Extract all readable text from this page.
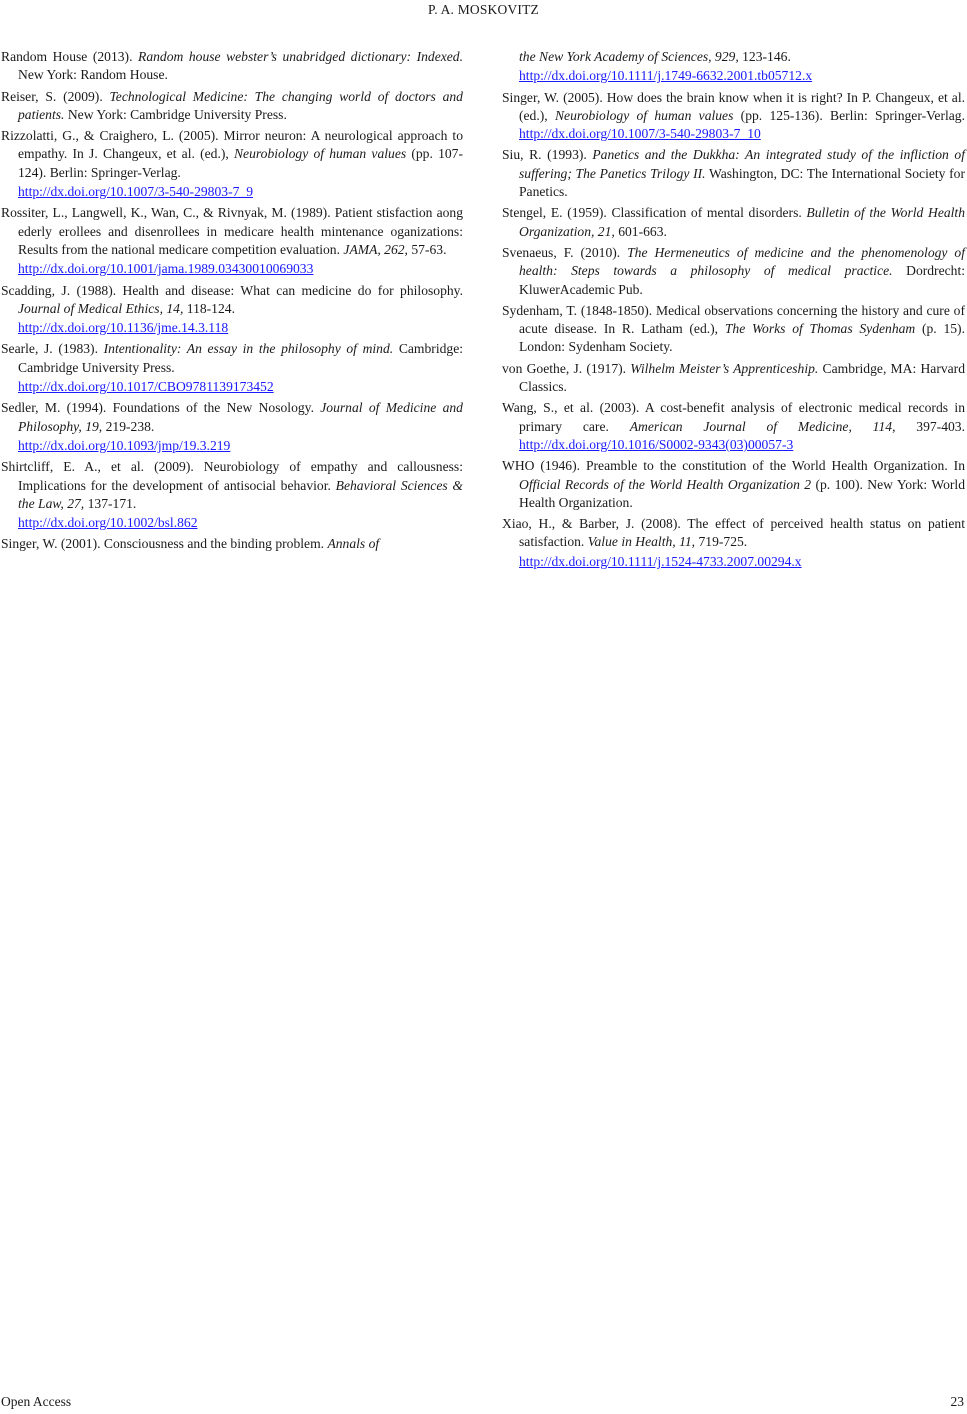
P. A. MOSKOVITZ

Random House (2013). Random house webster’s unabridged dictionary: Indexed. New York: Random House.

Reiser, S. (2009). Technological Medicine: The changing world of doctors and patients. New York: Cambridge University Press.

Rizzolatti, G., & Craighero, L. (2005). Mirror neuron: A neurological approach to empathy. In J. Changeux, et al. (ed.), Neurobiology of human values (pp. 107-124). Berlin: Springer-Verlag.
http://dx.doi.org/10.1007/3-540-29803-7_9

Rossiter, L., Langwell, K., Wan, C., & Rivnyak, M. (1989). Patient stisfaction aong ederly erollees and disenrollees in medicare health mintenance oganizations: Results from the national medicare competition evaluation. JAMA, 262, 57-63.
http://dx.doi.org/10.1001/jama.1989.03430010069033

Scadding, J. (1988). Health and disease: What can medicine do for philosophy. Journal of Medical Ethics, 14, 118-124.
http://dx.doi.org/10.1136/jme.14.3.118

Searle, J. (1983). Intentionality: An essay in the philosophy of mind. Cambridge: Cambridge University Press.
http://dx.doi.org/10.1017/CBO9781139173452

Sedler, M. (1994). Foundations of the New Nosology. Journal of Medicine and Philosophy, 19, 219-238.
http://dx.doi.org/10.1093/jmp/19.3.219

Shirtcliff, E. A., et al. (2009). Neurobiology of empathy and callousness: Implications for the development of antisocial behavior. Behavioral Sciences & the Law, 27, 137-171.
http://dx.doi.org/10.1002/bsl.862

Singer, W. (2001). Consciousness and the binding problem. Annals of

the New York Academy of Sciences, 929, 123-146.
http://dx.doi.org/10.1111/j.1749-6632.2001.tb05712.x

Singer, W. (2005). How does the brain know when it is right? In P. Changeux, et al. (ed.), Neurobiology of human values (pp. 125-136). Berlin: Springer-Verlag. http://dx.doi.org/10.1007/3-540-29803-7_10

Siu, R. (1993). Panetics and the Dukkha: An integrated study of the infliction of suffering; The Panetics Trilogy II. Washington, DC: The International Society for Panetics.

Stengel, E. (1959). Classification of mental disorders. Bulletin of the World Health Organization, 21, 601-663.

Svenaeus, F. (2010). The Hermeneutics of medicine and the phenomenology of health: Steps towards a philosophy of medical practice. Dordrecht: KluwerAcademic Pub.

Sydenham, T. (1848-1850). Medical observations concerning the history and cure of acute disease. In R. Latham (ed.), The Works of Thomas Sydenham (p. 15). London: Sydenham Society.

von Goethe, J. (1917). Wilhelm Meister’s Apprenticeship. Cambridge, MA: Harvard Classics.

Wang, S., et al. (2003). A cost-benefit analysis of electronic medical records in primary care. American Journal of Medicine, 114, 397-403. http://dx.doi.org/10.1016/S0002-9343(03)00057-3

WHO (1946). Preamble to the constitution of the World Health Organization. In Official Records of the World Health Organization 2 (p. 100). New York: World Health Organization.

Xiao, H., & Barber, J. (2008). The effect of perceived health status on patient satisfaction. Value in Health, 11, 719-725.
http://dx.doi.org/10.1111/j.1524-4733.2007.00294.x

Open Access	23
